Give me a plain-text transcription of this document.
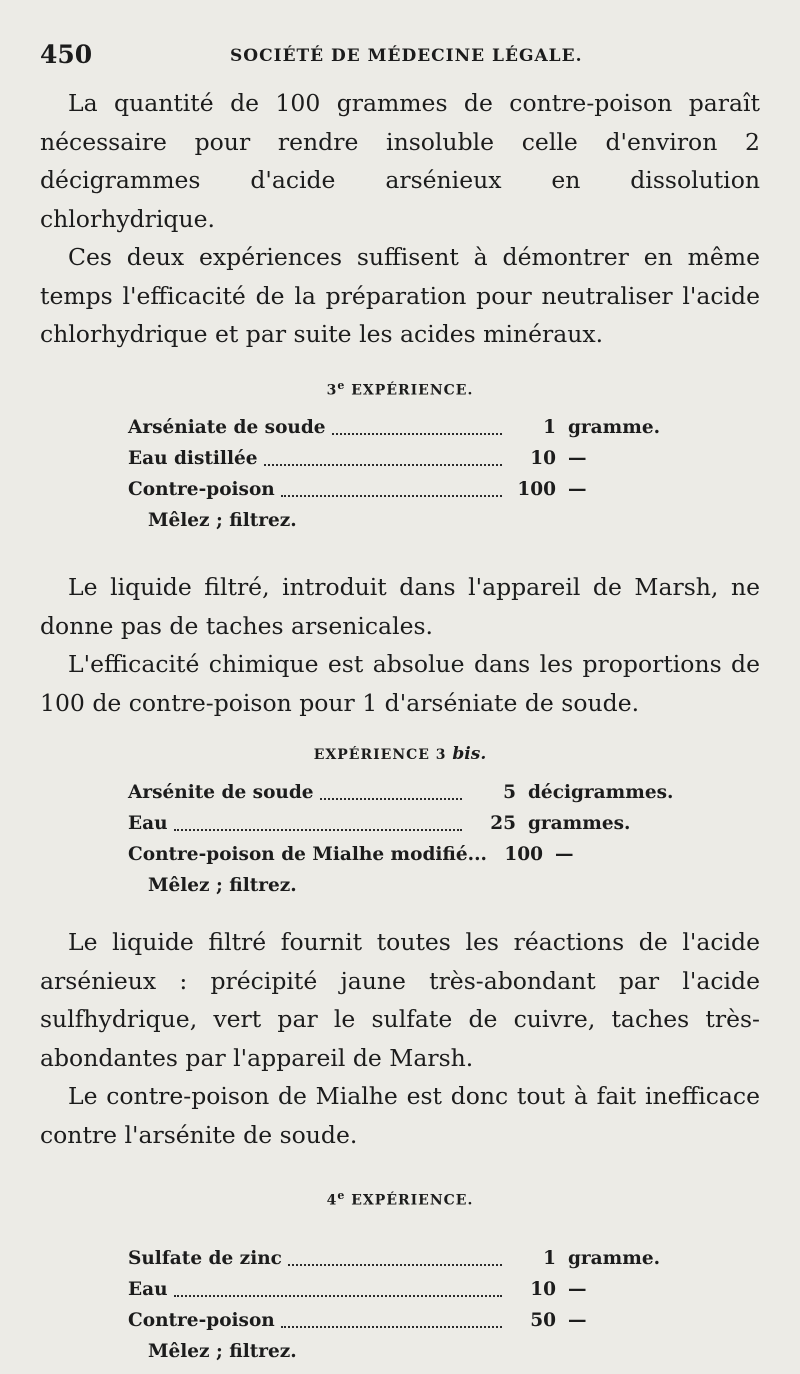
450	SOCIÉTÉ DE MÉDECINE LÉGALE.

La quantité de 100 grammes de contre-poison paraît nécessaire pour rendre insoluble celle d'environ 2 décigrammes d'acide arsénieux en dissolution chlorhydrique.

Ces deux expériences suffisent à démontrer en même temps l'efficacité de la préparation pour neutraliser l'acide chlorhydrique et par suite les acides minéraux.

3e EXPÉRIENCE.

Arséniate de soude	1 gramme.
Eau distillée	10 —
Contre-poison	100 —
Mêlez ; filtrez.

Le liquide filtré, introduit dans l'appareil de Marsh, ne donne pas de taches arsenicales.

L'efficacité chimique est absolue dans les proportions de 100 de contre-poison pour 1 d'arséniate de soude.

EXPÉRIENCE 3 bis.

Arsénite de soude	5 décigrammes.
Eau	25 grammes.
Contre-poison de Mialhe modifié... 100 —
Mêlez ; filtrez.

Le liquide filtré fournit toutes les réactions de l'acide arsénieux : précipité jaune très-abondant par l'acide sulfhydrique, vert par le sulfate de cuivre, taches très-abondantes par l'appareil de Marsh.

Le contre-poison de Mialhe est donc tout à fait inefficace contre l'arsénite de soude.

4e EXPÉRIENCE.

Sulfate de zinc	1 gramme.
Eau	10 —
Contre-poison	50 —
Mêlez ; filtrez.
